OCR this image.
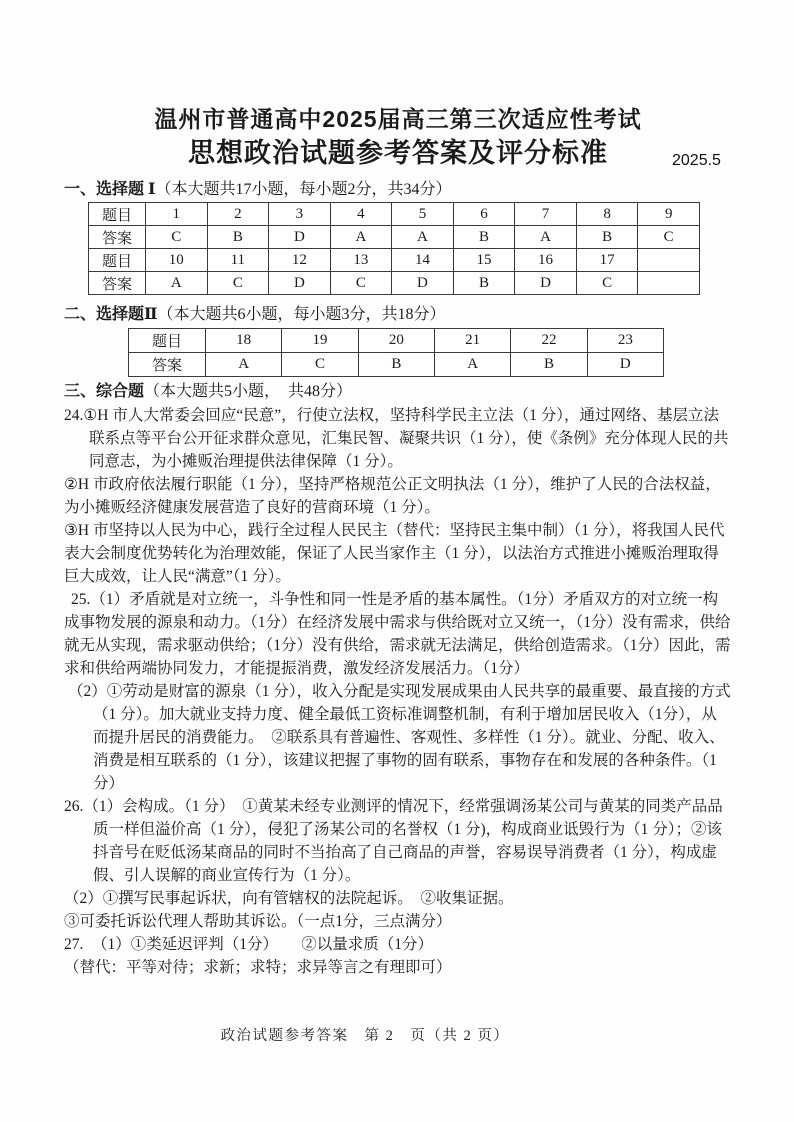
2025.5
温州市普通高中2025届高三第三次适应性考试
思想政治试题参考答案及评分标准
一、选择题 Ⅰ（本大题共17小题，每小题2分，共34分）
题目	1	2	3	4	5	6	7	8	9
答案	C	B	D	A	A	B	A	B	C
题目	10	11	12	13	14	15	16	17	
答案	A	C	D	C	D	B	D	C	
二、选择题Ⅱ（本大题共6小题，每小题3分，共18分）
题目	18	19	20	21	22	23
答案	A	C	B	A	B	D
三、综合题（本大题共5小题，　共48分）

24.①H 市人大常委会回应“民意”，行使立法权，坚持科学民主立法（1 分），通过网络、基层立法联系点等平台公开征求群众意见，汇集民智、凝聚共识（1 分），使《条例》充分体现人民的共同意志，为小摊贩治理提供法律保障（1 分）。

②H 市政府依法履行职能（1 分），坚持严格规范公正文明执法（1 分），维护了人民的合法权益，为小摊贩经济健康发展营造了良好的营商环境（1 分）。

③H 市坚持以人民为中心，践行全过程人民民主（替代：坚持民主集中制）（1 分），将我国人民代表大会制度优势转化为治理效能，保证了人民当家作主（1 分），以法治方式推进小摊贩治理取得巨大成效，让人民“满意”（1 分）。

25.（1）矛盾就是对立统一，斗争性和同一性是矛盾的基本属性。（1分）矛盾双方的对立统一构成事物发展的源泉和动力。（1分）在经济发展中需求与供给既对立又统一，（1分）没有需求，供给就无从实现，需求驱动供给；（1分）没有供给，需求就无法满足，供给创造需求。（1分）因此，需求和供给两端协同发力，才能提振消费，激发经济发展活力。（1分）

（2）①劳动是财富的源泉（1 分），收入分配是实现发展成果由人民共享的最重要、最直接的方式（1 分）。加大就业支持力度、健全最低工资标准调整机制，有利于增加居民收入（1分），从而提升居民的消费能力。　②联系具有普遍性、客观性、多样性（1 分）。就业、分配、收入、消费是相互联系的（1 分），该建议把握了事物的固有联系，事物存在和发展的各种条件。（1 分）

26.（1）会构成。（1 分）　①黄某未经专业测评的情况下，经常强调汤某公司与黄某的同类产品品质一样但溢价高（1 分），侵犯了汤某公司的名誉权（1 分)，构成商业诋毁行为（1 分）；②该抖音号在贬低汤某商品的同时不当抬高了自己商品的声誉，容易误导消费者（1 分），构成虚假、引人误解的商业宣传行为（1 分）。

（2）①撰写民事起诉状，向有管辖权的法院起诉。　②收集证据。

③可委托诉讼代理人帮助其诉讼。（一点1分，三点满分）

27. （1）①类延迟评判（1分）　　②以量求质（1分）

（替代：平等对待；求新；求特；求异等言之有理即可）

政治试题参考答案　第 2　页（共 2 页）
